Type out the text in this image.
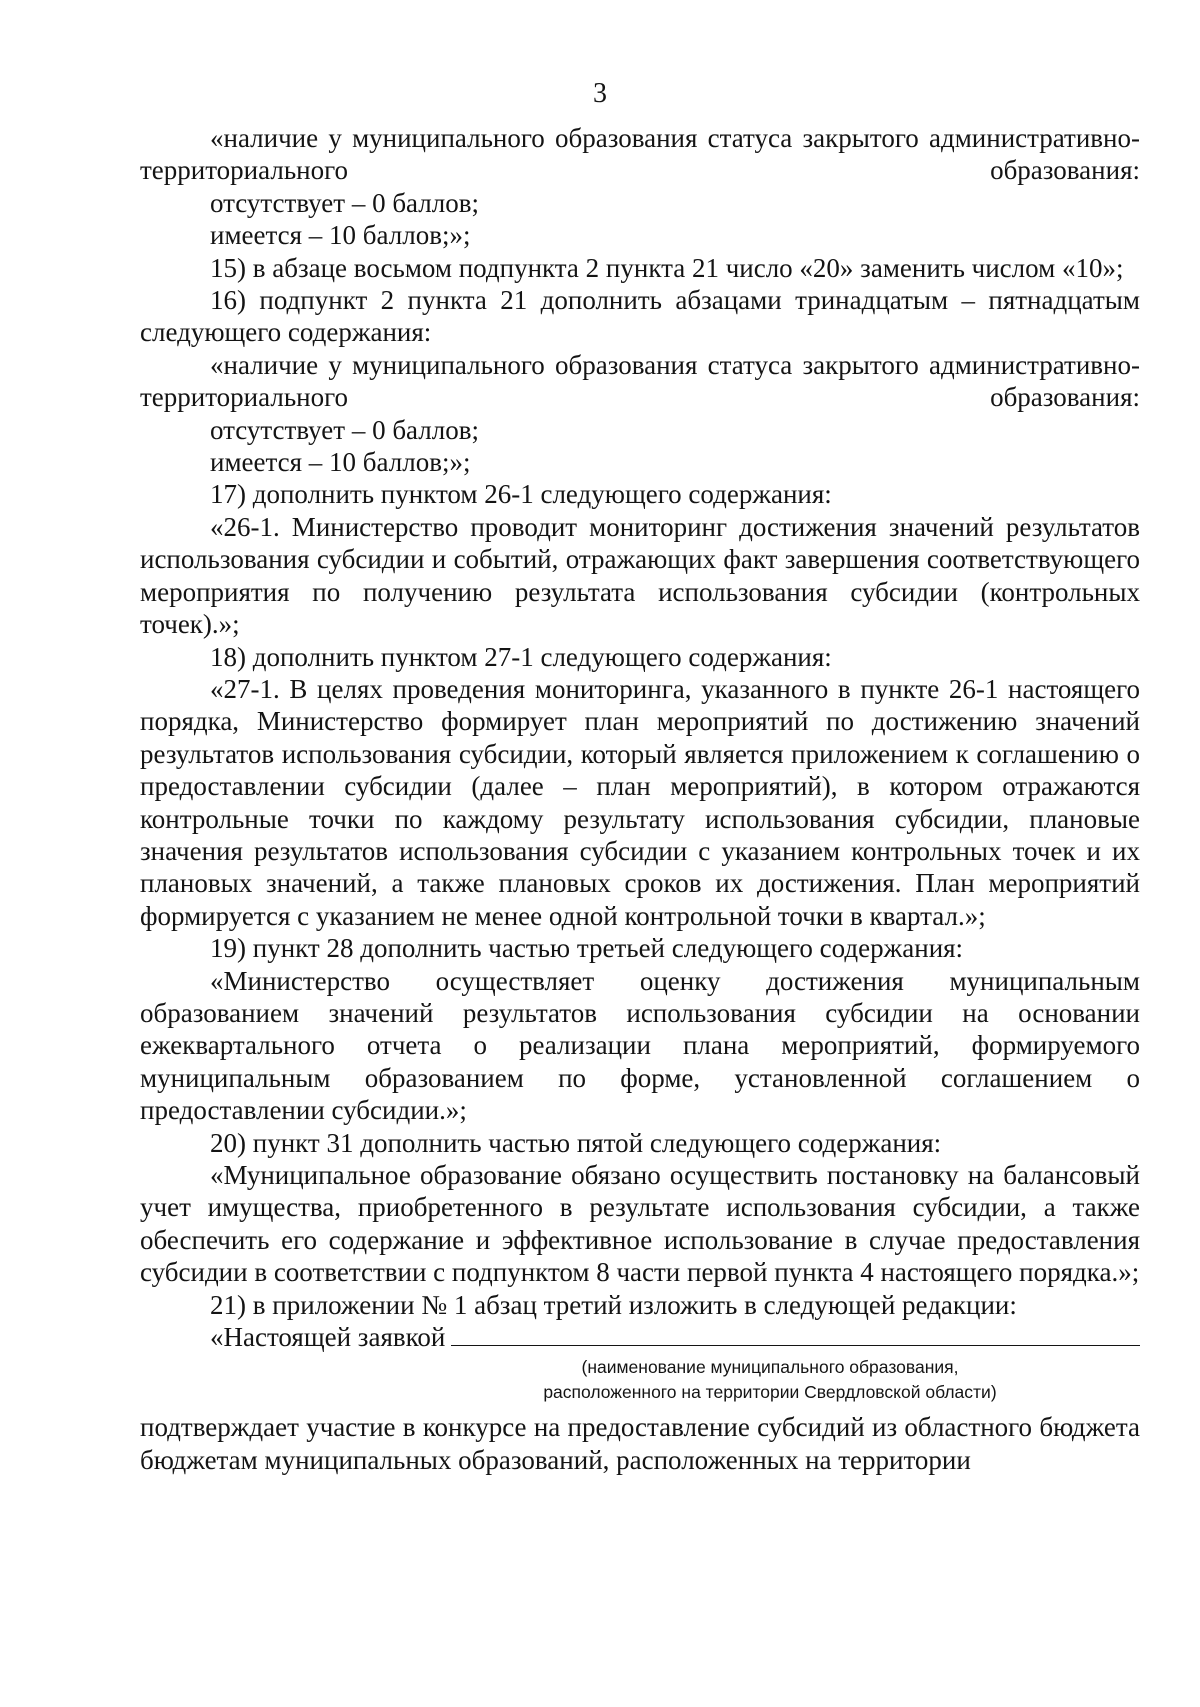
3

«наличие у муниципального образования статуса закрытого административно-территориального образования:

отсутствует – 0 баллов;

имеется – 10 баллов;»;

15) в абзаце восьмом подпункта 2 пункта 21 число «20» заменить числом «10»;

16) подпункт 2 пункта 21 дополнить абзацами тринадцатым – пятнадцатым следующего содержания:

«наличие у муниципального образования статуса закрытого административно-территориального образования:

отсутствует – 0 баллов;

имеется – 10 баллов;»;

17) дополнить пунктом 26-1 следующего содержания:

«26-1. Министерство проводит мониторинг достижения значений результатов использования субсидии и событий, отражающих факт завершения соответствующего мероприятия по получению результата использования субсидии (контрольных точек).»;

18) дополнить пунктом 27-1 следующего содержания:

«27-1. В целях проведения мониторинга, указанного в пункте 26-1 настоящего порядка, Министерство формирует план мероприятий по достижению значений результатов использования субсидии, который является приложением к соглашению о предоставлении субсидии (далее – план мероприятий), в котором отражаются контрольные точки по каждому результату использования субсидии, плановые значения результатов использования субсидии с указанием контрольных точек и их плановых значений, а также плановых сроков их достижения. План мероприятий формируется с указанием не менее одной контрольной точки в квартал.»;

19) пункт 28 дополнить частью третьей следующего содержания:

«Министерство осуществляет оценку достижения муниципальным образованием значений результатов использования субсидии на основании ежеквартального отчета о реализации плана мероприятий, формируемого муниципальным образованием по форме, установленной соглашением о предоставлении субсидии.»;

20) пункт 31 дополнить частью пятой следующего содержания:

«Муниципальное образование обязано осуществить постановку на балансовый учет имущества, приобретенного в результате использования субсидии, а также обеспечить его содержание и эффективное использование в случае предоставления субсидии в соответствии с подпунктом 8 части первой пункта 4 настоящего порядка.»;

21) в приложении № 1 абзац третий изложить в следующей редакции:

«Настоящей заявкой
(наименование муниципального образования,
расположенного на территории Свердловской области)

подтверждает участие в конкурсе на предоставление субсидий из областного бюджета бюджетам муниципальных образований, расположенных на территории
